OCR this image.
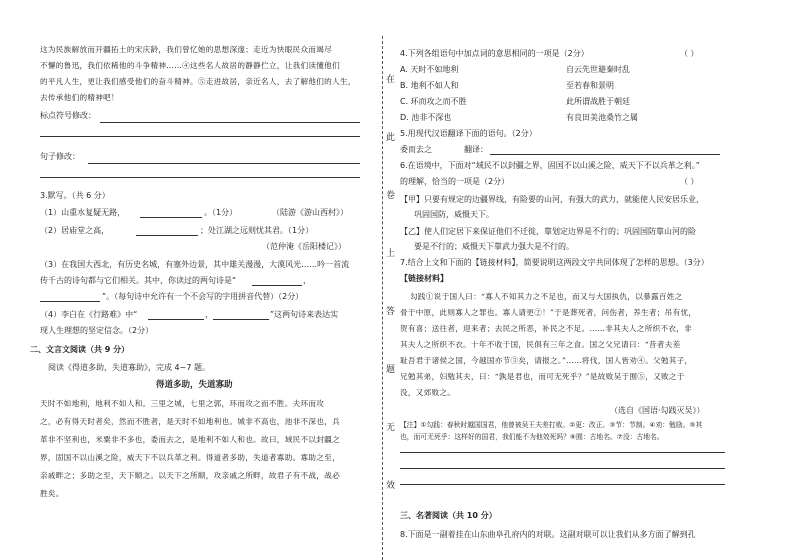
这为民族解放而开疆拓土的宋庆龄，我们曾忆她的思想深邃；走近为快眼民众而竭尽
不懈的鲁迅，我们依稀他的斗争精神……④这些名人故居的静静伫立，让我们读懂他们
的平凡人生，更让我们感受他们的奋斗精神。⑤走进故居，亲近名人，去了解他们的人生，
去传承他们的精神吧！
标点符号修改：
句子修改：
3.默写。（共 6 分）
（1）山重水复疑无路，	。（1分）	（陆游《游山西村》）
（2）居庙堂之高，	；处江湖之远则忧其君。（1分）
（范仲淹《岳阳楼记》）
（3）在我国大西北，有历史名城，有塞外边景，其中雄关漫漫，大漠风光……吟一首流
传千古的诗句都与它们相关。其中，你读过的两句诗是“	，
”。（每句诗中允许有一个不会写的字用拼音代替）（2分）
（4）李白在《行路难》中“	，	”这两句诗来表达实
现人生理想的坚定信念。（2分）
二、文言文阅读（共 9 分）
阅读《得道多助，失道寡助》，完成 4~7 题。
得道多助，失道寡助
天时不如地利，地利不如人和。三里之城，七里之郭，环而攻之而不胜。夫环而攻
之，必有得天时者矣，然而不胜者，是天时不如地利也。城非不高也，池非不深也，兵
革非不坚利也，米粟非不多也，委而去之，是地利不如人和也。故曰，域民不以封疆之
界，固国不以山溪之险，威天下不以兵革之利。得道者多助，失道者寡助。寡助之至，
亲戚畔之；多助之至，天下顺之。以天下之所顺，攻亲戚之所畔，故君子有不战，战必
胜矣。
在
此
卷
上
答
题
无
效
4.下列各组语句中加点词的意思相同的一项是（2分）	（ ）
A. 天时不如地利	自云先世避秦时乱
B. 地利不如人和	至若春和景明
C. 环而攻之而不胜	此所谓战胜于朝廷
D. 池非不深也	有良田美池桑竹之属
5.用现代汉语翻译下面的语句。（2分）
委而去之	翻译：
6.在语境中，下面对“域民不以封疆之界，固国不以山溪之险，威天下不以兵革之利。”
的理解，恰当的一项是（2分）	（ ）
【甲】只要有规定的边疆界线，有险要的山河，有强大的武力，就能使人民安居乐业，
巩固国防，威慑天下。
【乙】使人们定居下来保证他们不迁徙，靠划定边界是不行的；巩固国防靠山河的险
要是不行的；威慑天下靠武力强大是不行的。
7.结合上文和下面的【链接材料】，简要说明这两段文字共同体现了怎样的思想。（3分）
【链接材料】
勾践①说于国人曰：“寡人不知其力之不足也，而又与大国执仇，以暴露百姓之
骨于中原，此则寡人之罪也。寡人请更②！”于是葬死者，问伤者，养生者；吊有忧，
贺有喜；送往者，迎来者；去民之所恶，补民之不足。……非其夫人之所织不衣，非
其夫人之所织不衣。十年不收于国，民俱有三年之食。国之父兄请曰：“昔者夫差
耻吾君于诸侯之国，今越国亦节③矣，请报之。”……将伐，国人皆劝④。父勉其子，
兄勉其弟，妇勉其夫，曰：“孰是君也，而可无死乎？”是故败吴于囿⑤，又败之于
没，又郊败之。
（选自《国语·勾践灭吴》）
【注】①勾践：春秋时越国国君，他曾被吴王夫差打败。②更：改正。③节：节制。④劝：勉励。⑤其
也，而可无死乎：这样好的国君，我们能不为他效死吗？⑥囿：古地名。⑦没：古地名。
三、名著阅读（共 10 分）
8.下面是一副着挂在山东曲阜孔府内的对联。这副对联可以让我们从多方面了解到孔
